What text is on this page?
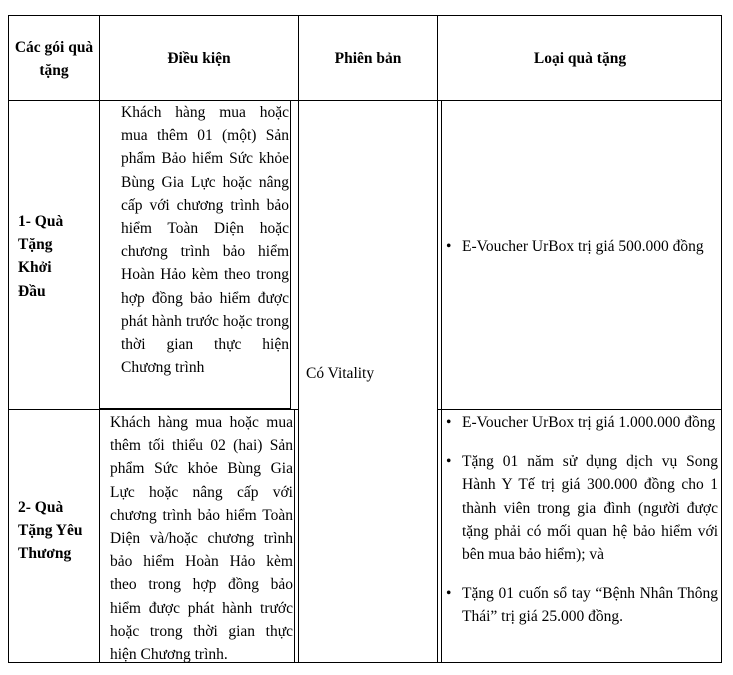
Các gói quà tặng
Điều kiện	Phiên bản	Loại quà tặng
1- Quà Tặng Khởi Đầu
Khách hàng mua hoặc mua thêm 01 (một) Sản phẩm Bảo hiểm Sức khỏe Bùng Gia Lực hoặc nâng cấp với chương trình bảo hiểm Toàn Diện hoặc chương trình bảo hiểm Hoàn Hảo kèm theo trong hợp đồng bảo hiểm được phát hành trước hoặc trong thời gian thực hiện Chương trình
• E-Voucher UrBox trị giá 500.000 đồng
Có Vitality
2- Quà Tặng Yêu Thương
Khách hàng mua hoặc mua thêm tối thiểu 02 (hai) Sản phẩm Sức khỏe Bùng Gia Lực hoặc nâng cấp với chương trình bảo hiểm Toàn Diện và/hoặc chương trình bảo hiểm Hoàn Hảo kèm theo trong hợp đồng bảo hiểm được phát hành trước hoặc trong thời gian thực hiện Chương trình.
• E-Voucher UrBox trị giá 1.000.000 đồng
• Tặng 01 năm sử dụng dịch vụ Song Hành Y Tế trị giá 300.000 đồng cho 1 thành viên trong gia đình (người được tặng phải có mối quan hệ bảo hiểm với bên mua bảo hiểm); và
• Tặng 01 cuốn sổ tay “Bệnh Nhân Thông Thái” trị giá 25.000 đồng.
